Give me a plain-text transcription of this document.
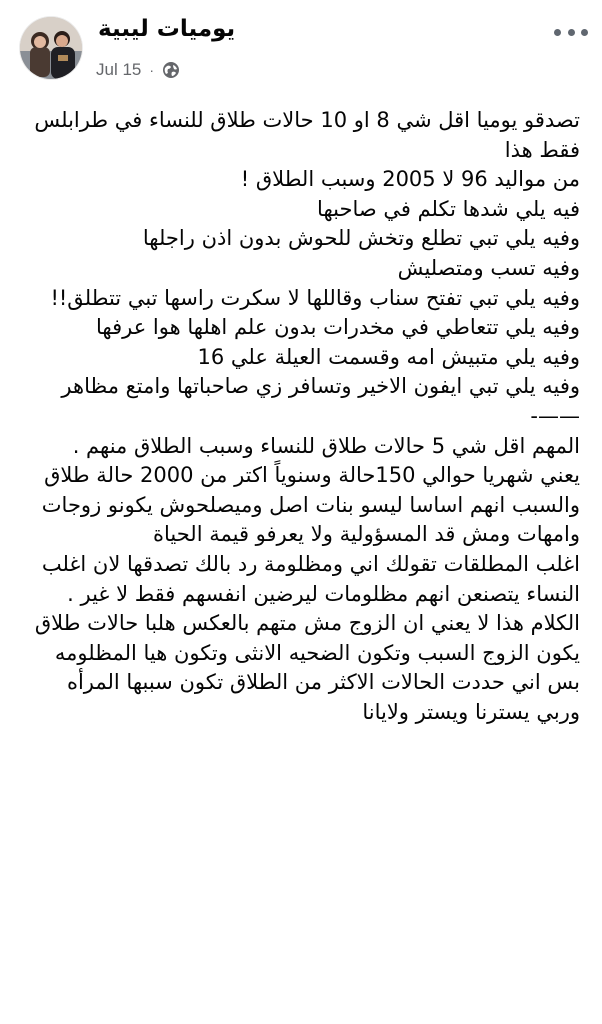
يوميات ليبية
Jul 15 ·
تصدقو يوميا اقل شي 8 او 10 حالات طلاق للنساء في طرابلس
فقط هذا
من مواليد 96 لا 2005 وسبب الطلاق !
فيه يلي شدها تكلم في صاحبها
وفيه يلي تبي تطلع وتخش للحوش بدون اذن راجلها
وفيه تسب ومتصليش
وفيه يلي تبي تفتح سناب وقاللها لا سكرت راسها تبي تتطلق!!
وفيه يلي تتعاطي في مخدرات بدون علم اهلها هوا عرفها
وفيه يلي متبيش امه وقسمت العيلة علي 16
وفيه يلي تبي ايفون الاخير وتسافر زي صاحباتها وامتع مظاهر
——-
المهم اقل شي 5 حالات طلاق للنساء وسبب الطلاق منهم .
يعني شهريا حوالي 150حالة وسنوياً اكتر من 2000 حالة طلاق
والسبب انهم اساسا ليسو بنات اصل وميصلحوش يكونو زوجات
وامهات ومش قد المسؤولية ولا يعرفو قيمة الحياة
اغلب المطلقات تقولك اني ومظلومة رد بالك تصدقها لان اغلب
النساء يتصنعن انهم مظلومات ليرضين انفسهم فقط لا غير .
الكلام هذا لا يعني ان الزوج مش متهم بالعكس هلبا حالات طلاق
يكون الزوج السبب وتكون الضحيه الانثى وتكون هيا المظلومه
بس اني حددت الحالات الاكثر من الطلاق تكون سببها المرأه
وربي يسترنا ويستر ولايانا
